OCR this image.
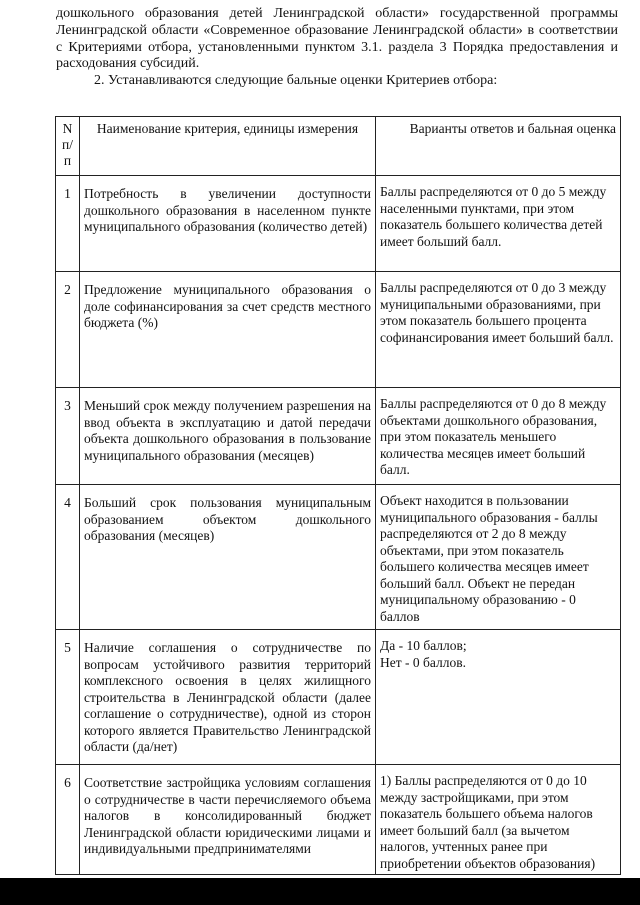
дошкольного образования детей Ленинградской области» государственной программы Ленинградской области «Современное образование Ленинградской области» в соответствии с Критериями отбора, установленными пунктом 3.1. раздела 3 Порядка предоставления и расходования субсидий.

2. Устанавливаются следующие бальные оценки Критериев отбора:

N п/п	Наименование критерия, единицы измерения	Варианты ответов и бальная оценка
1	Потребность в увеличении доступности дошкольного образования в населенном пункте муниципального образования (количество детей)	Баллы распределяются от 0 до 5 между населенными пунктами, при этом показатель большего количества детей имеет больший балл.
2	Предложение муниципального образования о доле софинансирования за счет средств местного бюджета (%)	Баллы распределяются от 0 до 3 между муниципальными образованиями, при этом показатель большего процента софинансирования имеет больший балл.
3	Меньший срок между получением разрешения на ввод объекта в эксплуатацию и датой передачи объекта дошкольного образования в пользование муниципального образования (месяцев)	Баллы распределяются от 0 до 8 между объектами дошкольного образования, при этом показатель меньшего количества месяцев имеет больший балл.
4	Больший срок пользования муниципальным образованием объектом дошкольного образования (месяцев)	Объект находится в пользовании муниципального образования - баллы распределяются от 2 до 8 между объектами, при этом показатель большего количества месяцев имеет больший балл. Объект не передан муниципальному образованию - 0 баллов
5	Наличие соглашения о сотрудничестве по вопросам устойчивого развития территорий комплексного освоения в целях жилищного строительства в Ленинградской области (далее соглашение о сотрудничестве), одной из сторон которого является Правительство Ленинградской области (да/нет)	Да - 10 баллов;
Нет - 0 баллов.
6	Соответствие застройщика условиям соглашения о сотрудничестве в части перечисляемого объема налогов в консолидированный бюджет Ленинградской области юридическими лицами и индивидуальными предпринимателями	1) Баллы распределяются от 0 до 10 между застройщиками, при этом показатель большего объема налогов имеет больший балл (за вычетом налогов, учтенных ранее при приобретении объектов образования)
